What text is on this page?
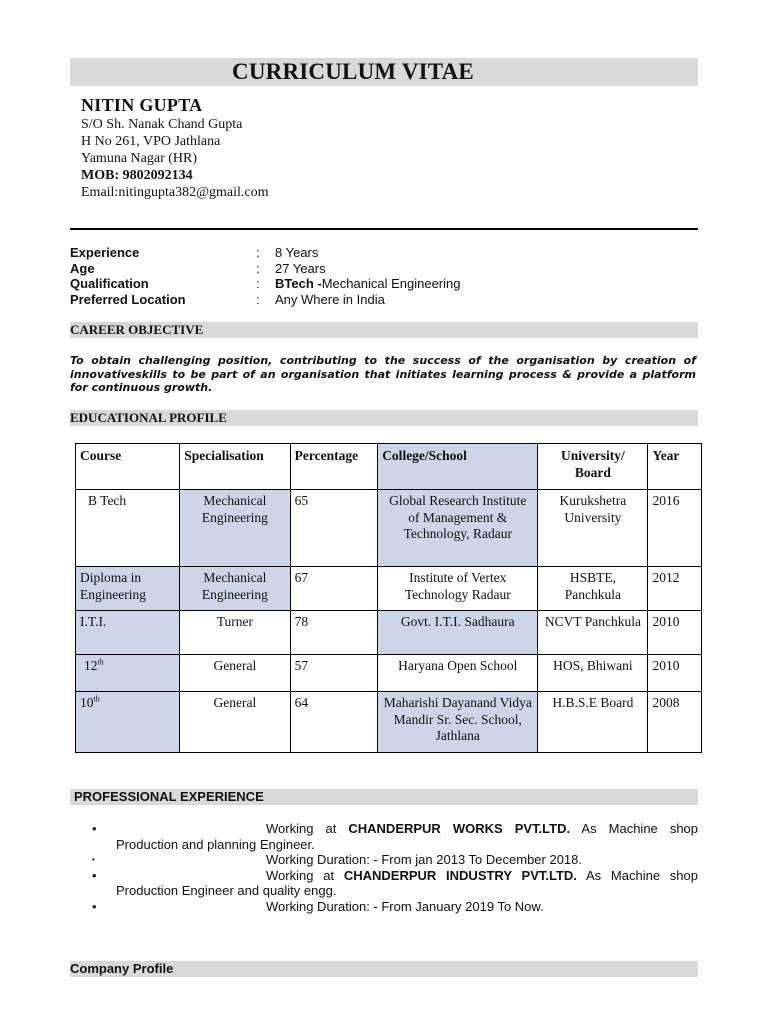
CURRICULUM VITAE
NITIN GUPTA
S/O Sh. Nanak Chand Gupta
H No 261, VPO Jathlana
Yamuna Nagar (HR)
MOB: 9802092134
Email:nitingupta382@gmail.com
Experience	:	8 Years
Age	:	27 Years
Qualification	:	BTech -Mechanical Engineering
Preferred Location	:	Any Where in India
CAREER OBJECTIVE
To obtain challenging position, contributing to the success of the organisation by creation of innovativeskills to be part of an organisation that initiates learning process & provide a platform for continuous growth.
EDUCATIONAL PROFILE
Course	Specialisation	Percentage	College/School	University/ Board	Year
B Tech	Mechanical Engineering	65	Global Research Institute of Management & Technology, Radaur	Kurukshetra University	2016
Diploma in Engineering	Mechanical Engineering	67	Institute of Vertex Technology Radaur	HSBTE, Panchkula	2012
I.T.I.	Turner	78	Govt. I.T.I. Sadhaura	NCVT Panchkula	2010
12th	General	57	Haryana Open School	HOS, Bhiwani	2010
10th	General	64	Maharishi Dayanand Vidya Mandir Sr. Sec. School, Jathlana	H.B.S.E Board	2008
PROFESSIONAL EXPERIENCE
•	Working at CHANDERPUR WORKS PVT.LTD. As Machine shop Production and planning Engineer.
•	Working Duration: - From jan 2013 To December 2018.
•	Working at CHANDERPUR INDUSTRY PVT.LTD. As Machine shop Production Engineer and quality engg.
•	Working Duration: - From January 2019 To Now.
Company Profile
